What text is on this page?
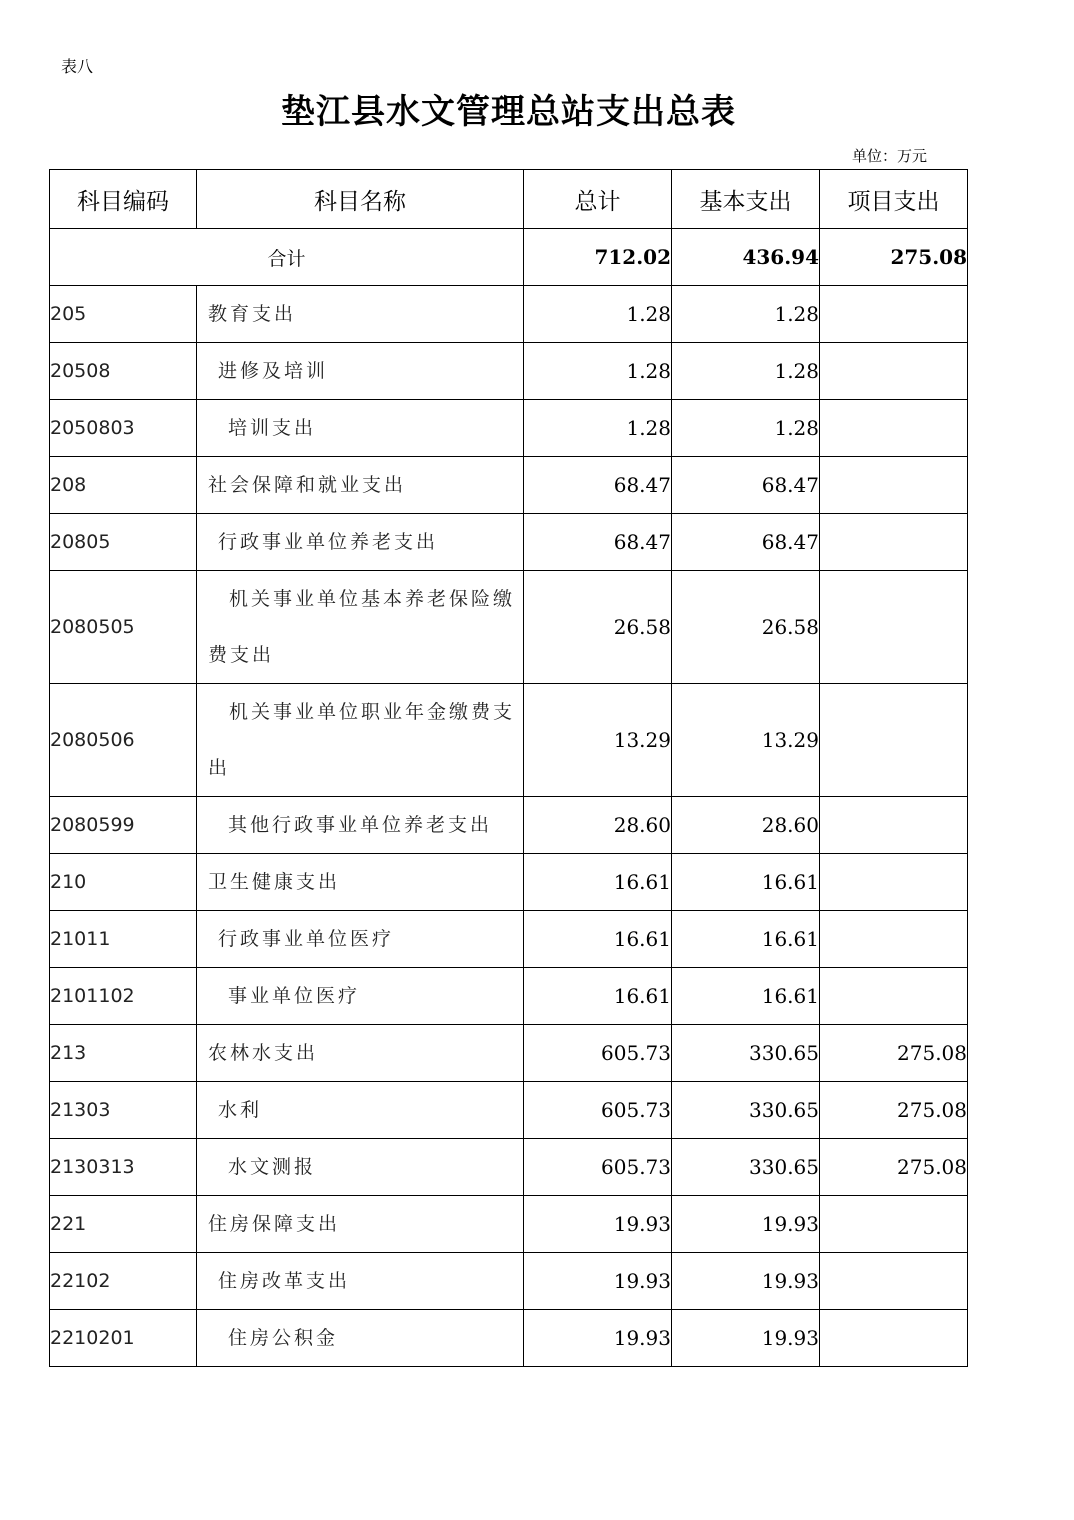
表八
垫江县水文管理总站支出总表
单位：万元
科目编码	科目名称	总计	基本支出	项目支出
合计		712.02	436.94	275.08
205	教育支出	1.28	1.28	
20508	进修及培训	1.28	1.28	
2050803	培训支出	1.28	1.28	
208	社会保障和就业支出	68.47	68.47	
20805	行政事业单位养老支出	68.47	68.47	
2080505	机关事业单位基本养老保险缴费支出	26.58	26.58	
2080506	机关事业单位职业年金缴费支出	13.29	13.29	
2080599	其他行政事业单位养老支出	28.60	28.60	
210	卫生健康支出	16.61	16.61	
21011	行政事业单位医疗	16.61	16.61	
2101102	事业单位医疗	16.61	16.61	
213	农林水支出	605.73	330.65	275.08
21303	水利	605.73	330.65	275.08
2130313	水文测报	605.73	330.65	275.08
221	住房保障支出	19.93	19.93	
22102	住房改革支出	19.93	19.93	
2210201	住房公积金	19.93	19.93	
